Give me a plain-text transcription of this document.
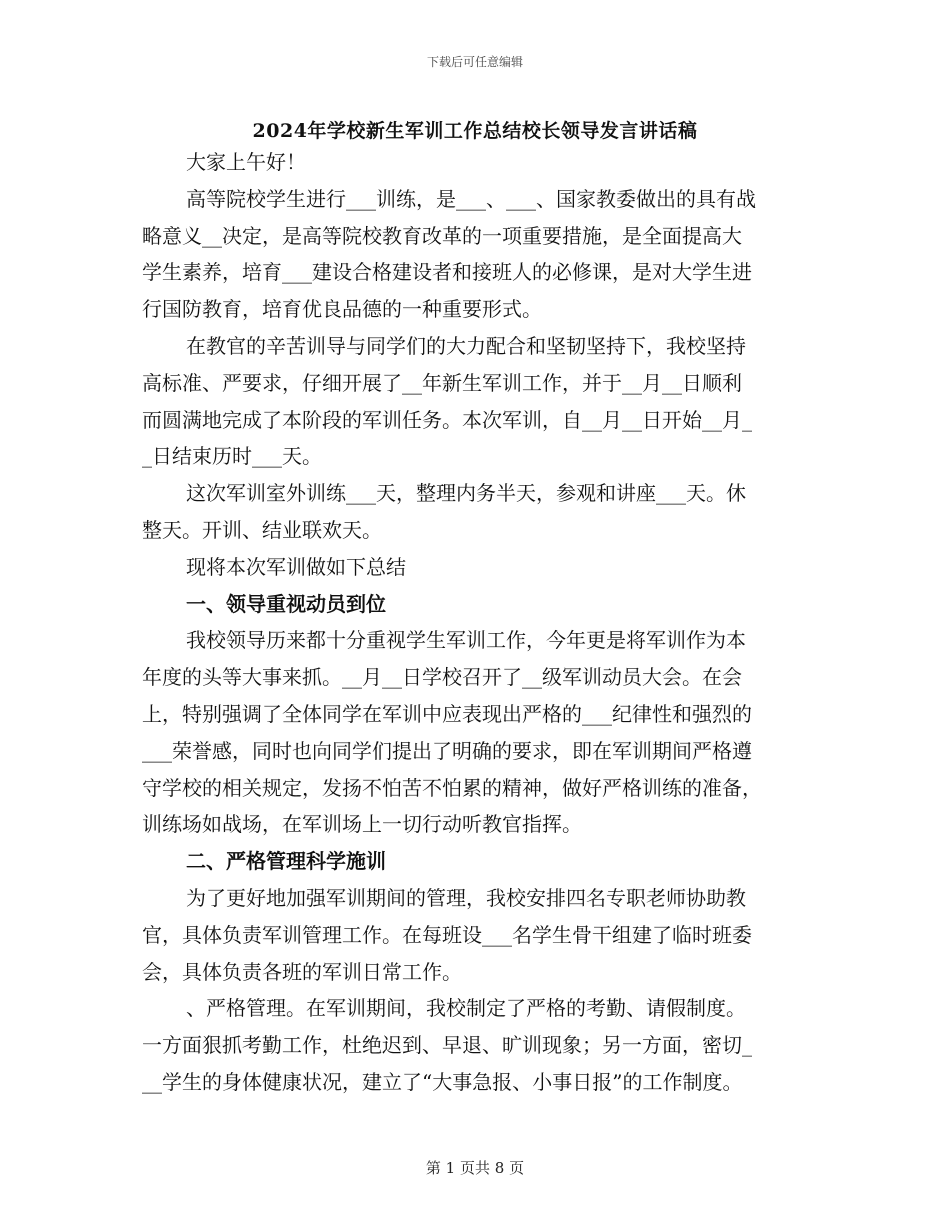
下载后可任意编辑
2024年学校新生军训工作总结校长领导发言讲话稿

大家上午好！

高等院校学生进行___训练，是___、___、国家教委做出的具有战

略意义__决定，是高等院校教育改革的一项重要措施，是全面提高大

学生素养，培育___建设合格建设者和接班人的必修课，是对大学生进

行国防教育，培育优良品德的一种重要形式。

在教官的辛苦训导与同学们的大力配合和坚韧坚持下，我校坚持

高标准、严要求，仔细开展了__年新生军训工作，并于__月__日顺利

而圆满地完成了本阶段的军训任务。本次军训，自__月__日开始__月_

_日结束历时___天。

这次军训室外训练___天，整理内务半天，参观和讲座___天。休

整天。开训、结业联欢天。

现将本次军训做如下总结

一、领导重视动员到位

我校领导历来都十分重视学生军训工作，今年更是将军训作为本

年度的头等大事来抓。__月__日学校召开了__级军训动员大会。在会

上，特别强调了全体同学在军训中应表现出严格的___纪律性和强烈的

___荣誉感，同时也向同学们提出了明确的要求，即在军训期间严格遵

守学校的相关规定，发扬不怕苦不怕累的精神，做好严格训练的准备，

训练场如战场，在军训场上一切行动听教官指挥。

二、严格管理科学施训

为了更好地加强军训期间的管理，我校安排四名专职老师协助教

官，具体负责军训管理工作。在每班设___名学生骨干组建了临时班委

会，具体负责各班的军训日常工作。

、严格管理。在军训期间，我校制定了严格的考勤、请假制度。

一方面狠抓考勤工作，杜绝迟到、早退、旷训现象；另一方面，密切_

__学生的身体健康状况，建立了“大事急报、小事日报”的工作制度。

第 1 页共 8 页
